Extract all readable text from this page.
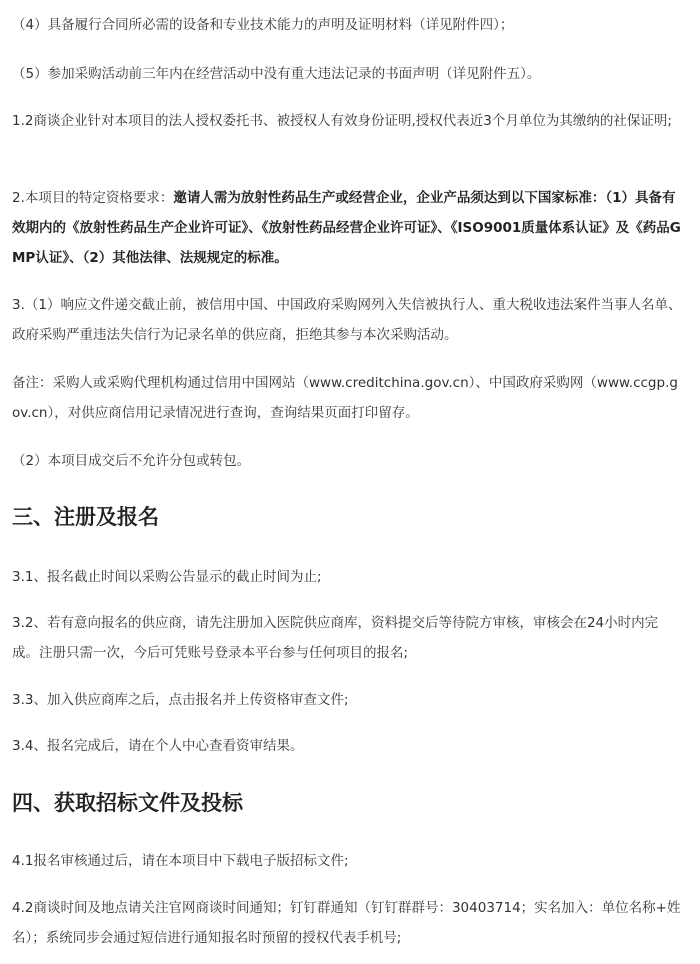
（4）具备履行合同所必需的设备和专业技术能力的声明及证明材料（详见附件四）；

（5）参加采购活动前三年内在经营活动中没有重大违法记录的书面声明（详见附件五）。

1.2商谈企业针对本项目的法人授权委托书、被授权人有效身份证明,授权代表近3个月单位为其缴纳的社保证明;

2.本项目的特定资格要求：邀请人需为放射性药品生产或经营企业，企业产品须达到以下国家标准：（1）具备有效期内的《放射性药品生产企业许可证》、《放射性药品经营企业许可证》、《ISO9001质量体系认证》及《药品GMP认证》、（2）其他法律、法规规定的标准。

3.（1）响应文件递交截止前，被信用中国、中国政府采购网列入失信被执行人、重大税收违法案件当事人名单、政府采购严重违法失信行为记录名单的供应商，拒绝其参与本次采购活动。

备注：采购人或采购代理机构通过信用中国网站（www.creditchina.gov.cn）、中国政府采购网（www.ccgp.gov.cn），对供应商信用记录情况进行查询，查询结果页面打印留存。

（2）本项目成交后不允许分包或转包。

三、注册及报名

3.1、报名截止时间以采购公告显示的截止时间为止;

3.2、若有意向报名的供应商，请先注册加入医院供应商库，资料提交后等待院方审核，审核会在24小时内完成。注册只需一次，今后可凭账号登录本平台参与任何项目的报名;

3.3、加入供应商库之后，点击报名并上传资格审查文件;

3.4、报名完成后，请在个人中心查看资审结果。

四、获取招标文件及投标

4.1报名审核通过后，请在本项目中下载电子版招标文件;

4.2商谈时间及地点请关注官网商谈时间通知；钉钉群通知（钉钉群群号：30403714；实名加入：单位名称+姓名）；系统同步会通过短信进行通知报名时预留的授权代表手机号;
